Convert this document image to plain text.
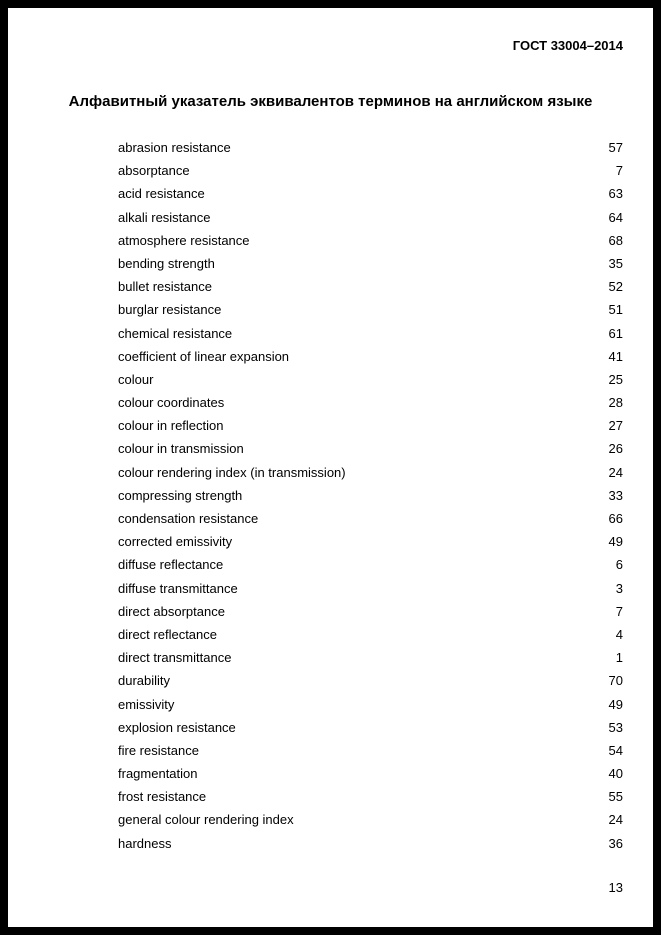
ГОСТ 33004–2014
Алфавитный указатель эквивалентов терминов на английском языке
abrasion resistance	57
absorptance	7
acid resistance	63
alkali resistance	64
atmosphere resistance	68
bending strength	35
bullet resistance	52
burglar resistance	51
chemical resistance	61
coefficient of linear expansion	41
colour	25
colour coordinates	28
colour in reflection	27
colour in transmission	26
colour rendering index (in transmission)	24
compressing strength	33
condensation resistance	66
corrected emissivity	49
diffuse reflectance	6
diffuse transmittance	3
direct absorptance	7
direct reflectance	4
direct transmittance	1
durability	70
emissivity	49
explosion resistance	53
fire resistance	54
fragmentation	40
frost resistance	55
general colour rendering index	24
hardness	36
13
